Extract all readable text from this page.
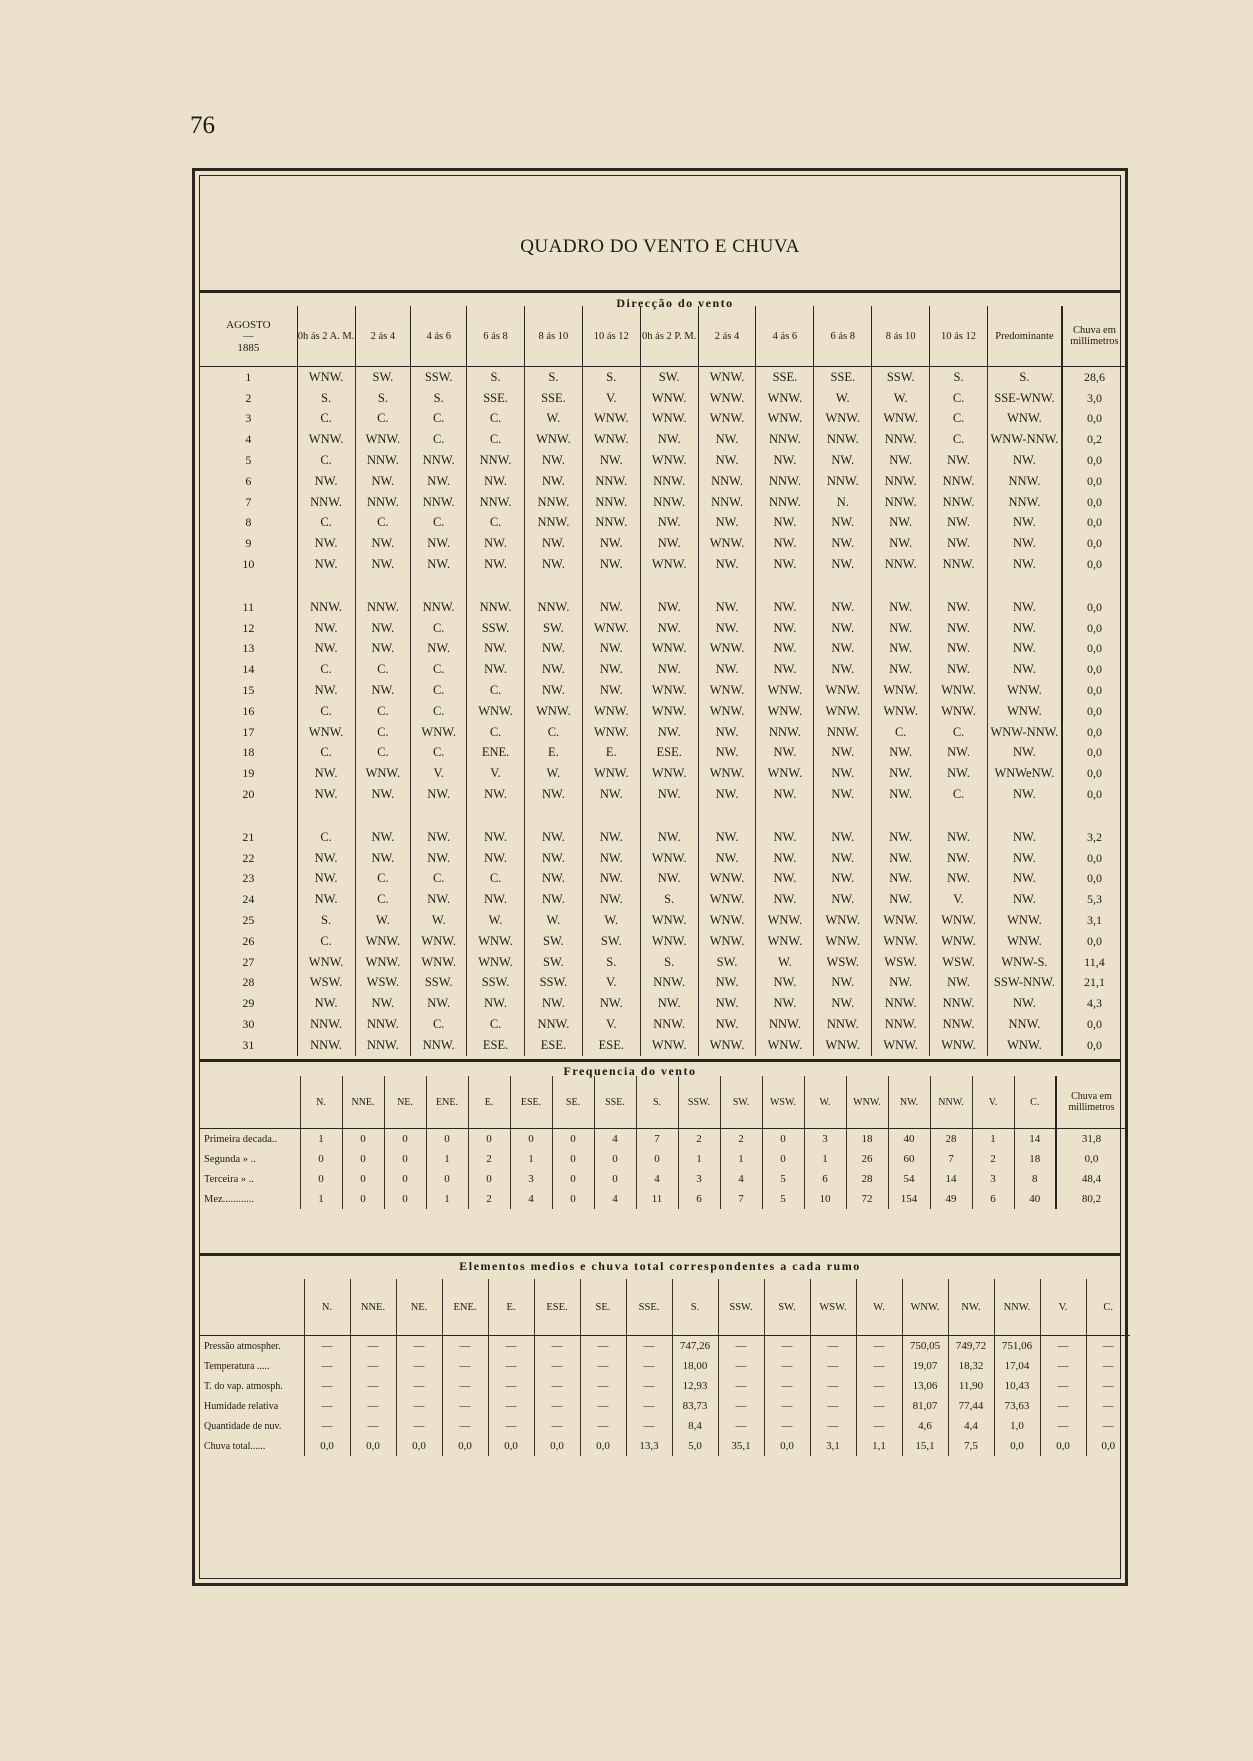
76
QUADRO DO VENTO E CHUVA
Direcção do vento
AGOSTO
—
1885	0h ás 2 A. M.	2 ás 4	4 ás 6	6 ás 8	8 ás 10	10 ás 12	0h ás 2 P. M.	2 ás 4	4 ás 6	6 ás 8	8 ás 10	10 ás 12	Predominante	Chuva em millimetros
1	WNW.	SW.	SSW.	S.	S.	S.	SW.	WNW.	SSE.	SSE.	SSW.	S.	S.	28,6
2	S.	S.	S.	SSE.	SSE.	V.	WNW.	WNW.	WNW.	W.	W.	C.	SSE-WNW.	3,0
3	C.	C.	C.	C.	W.	WNW.	WNW.	WNW.	WNW.	WNW.	WNW.	C.	WNW.	0,0
4	WNW.	WNW.	C.	C.	WNW.	WNW.	NW.	NW.	NNW.	NNW.	NNW.	C.	WNW-NNW.	0,2
5	C.	NNW.	NNW.	NNW.	NW.	NW.	WNW.	NW.	NW.	NW.	NW.	NW.	NW.	0,0
6	NW.	NW.	NW.	NW.	NW.	NNW.	NNW.	NNW.	NNW.	NNW.	NNW.	NNW.	NNW.	0,0
7	NNW.	NNW.	NNW.	NNW.	NNW.	NNW.	NNW.	NNW.	NNW.	N.	NNW.	NNW.	NNW.	0,0
8	C.	C.	C.	C.	NNW.	NNW.	NW.	NW.	NW.	NW.	NW.	NW.	NW.	0,0
9	NW.	NW.	NW.	NW.	NW.	NW.	NW.	WNW.	NW.	NW.	NW.	NW.	NW.	0,0
10	NW.	NW.	NW.	NW.	NW.	NW.	WNW.	NW.	NW.	NW.	NNW.	NNW.	NW.	0,0

11	NNW.	NNW.	NNW.	NNW.	NNW.	NW.	NW.	NW.	NW.	NW.	NW.	NW.	NW.	0,0
12	NW.	NW.	C.	SSW.	SW.	WNW.	NW.	NW.	NW.	NW.	NW.	NW.	NW.	0,0
13	NW.	NW.	NW.	NW.	NW.	NW.	WNW.	WNW.	NW.	NW.	NW.	NW.	NW.	0,0
14	C.	C.	C.	NW.	NW.	NW.	NW.	NW.	NW.	NW.	NW.	NW.	NW.	0,0
15	NW.	NW.	C.	C.	NW.	NW.	WNW.	WNW.	WNW.	WNW.	WNW.	WNW.	WNW.	0,0
16	C.	C.	C.	WNW.	WNW.	WNW.	WNW.	WNW.	WNW.	WNW.	WNW.	WNW.	WNW.	0,0
17	WNW.	C.	WNW.	C.	C.	WNW.	NW.	NW.	NNW.	NNW.	C.	C.	WNW-NNW.	0,0
18	C.	C.	C.	ENE.	E.	E.	ESE.	NW.	NW.	NW.	NW.	NW.	NW.	0,0
19	NW.	WNW.	V.	V.	W.	WNW.	WNW.	WNW.	WNW.	NW.	NW.	NW.	WNWeNW.	0,0
20	NW.	NW.	NW.	NW.	NW.	NW.	NW.	NW.	NW.	NW.	NW.	C.	NW.	0,0

21	C.	NW.	NW.	NW.	NW.	NW.	NW.	NW.	NW.	NW.	NW.	NW.	NW.	3,2
22	NW.	NW.	NW.	NW.	NW.	NW.	WNW.	NW.	NW.	NW.	NW.	NW.	NW.	0,0
23	NW.	C.	C.	C.	NW.	NW.	NW.	WNW.	NW.	NW.	NW.	NW.	NW.	0,0
24	NW.	C.	NW.	NW.	NW.	NW.	S.	WNW.	NW.	NW.	NW.	V.	NW.	5,3
25	S.	W.	W.	W.	W.	W.	WNW.	WNW.	WNW.	WNW.	WNW.	WNW.	WNW.	3,1
26	C.	WNW.	WNW.	WNW.	SW.	SW.	WNW.	WNW.	WNW.	WNW.	WNW.	WNW.	WNW.	0,0
27	WNW.	WNW.	WNW.	WNW.	SW.	S.	S.	SW.	W.	WSW.	WSW.	WSW.	WNW-S.	11,4
28	WSW.	WSW.	SSW.	SSW.	SSW.	V.	NNW.	NW.	NW.	NW.	NW.	NW.	SSW-NNW.	21,1
29	NW.	NW.	NW.	NW.	NW.	NW.	NW.	NW.	NW.	NW.	NNW.	NNW.	NW.	4,3
30	NNW.	NNW.	C.	C.	NNW.	V.	NNW.	NW.	NNW.	NNW.	NNW.	NNW.	NNW.	0,0
31	NNW.	NNW.	NNW.	ESE.	ESE.	ESE.	WNW.	WNW.	WNW.	WNW.	WNW.	WNW.	WNW.	0,0
Frequencia do vento
	N.	NNE.	NE.	ENE.	E.	ESE.	SE.	SSE.	S.	SSW.	SW.	WSW.	W.	WNW.	NW.	NNW.	V.	C.	Chuva em millimetros
Primeira decada..	1	0	0	0	0	0	0	4	7	2	2	0	3	18	40	28	1	14	31,8
Segunda » ..	0	0	0	1	2	1	0	0	0	1	1	0	1	26	60	7	2	18	0,0
Terceira » ..	0	0	0	0	0	3	0	0	4	3	4	5	6	28	54	14	3	8	48,4
Mez............	1	0	0	1	2	4	0	4	11	6	7	5	10	72	154	49	6	40	80,2
Elementos medios e chuva total correspondentes a cada rumo
	N.	NNE.	NE.	ENE.	E.	ESE.	SE.	SSE.	S.	SSW.	SW.	WSW.	W.	WNW.	NW.	NNW.	V.	C.
Pressão atmospher.	—	—	—	—	—	—	—	—	747,26	—	—	—	—	750,05	749,72	751,06	—	—
Temperatura .....	—	—	—	—	—	—	—	—	18,00	—	—	—	—	19,07	18,32	17,04	—	—
T. do vap. atmosph.	—	—	—	—	—	—	—	—	12,93	—	—	—	—	13,06	11,90	10,43	—	—
Humidade relativa	—	—	—	—	—	—	—	—	83,73	—	—	—	—	81,07	77,44	73,63	—	—
Quantidade de nuv.	—	—	—	—	—	—	—	—	8,4	—	—	—	—	4,6	4,4	1,0	—	—
Chuva total......	0,0	0,0	0,0	0,0	0,0	0,0	0,0	13,3	5,0	35,1	0,0	3,1	1,1	15,1	7,5	0,0	0,0	0,0
